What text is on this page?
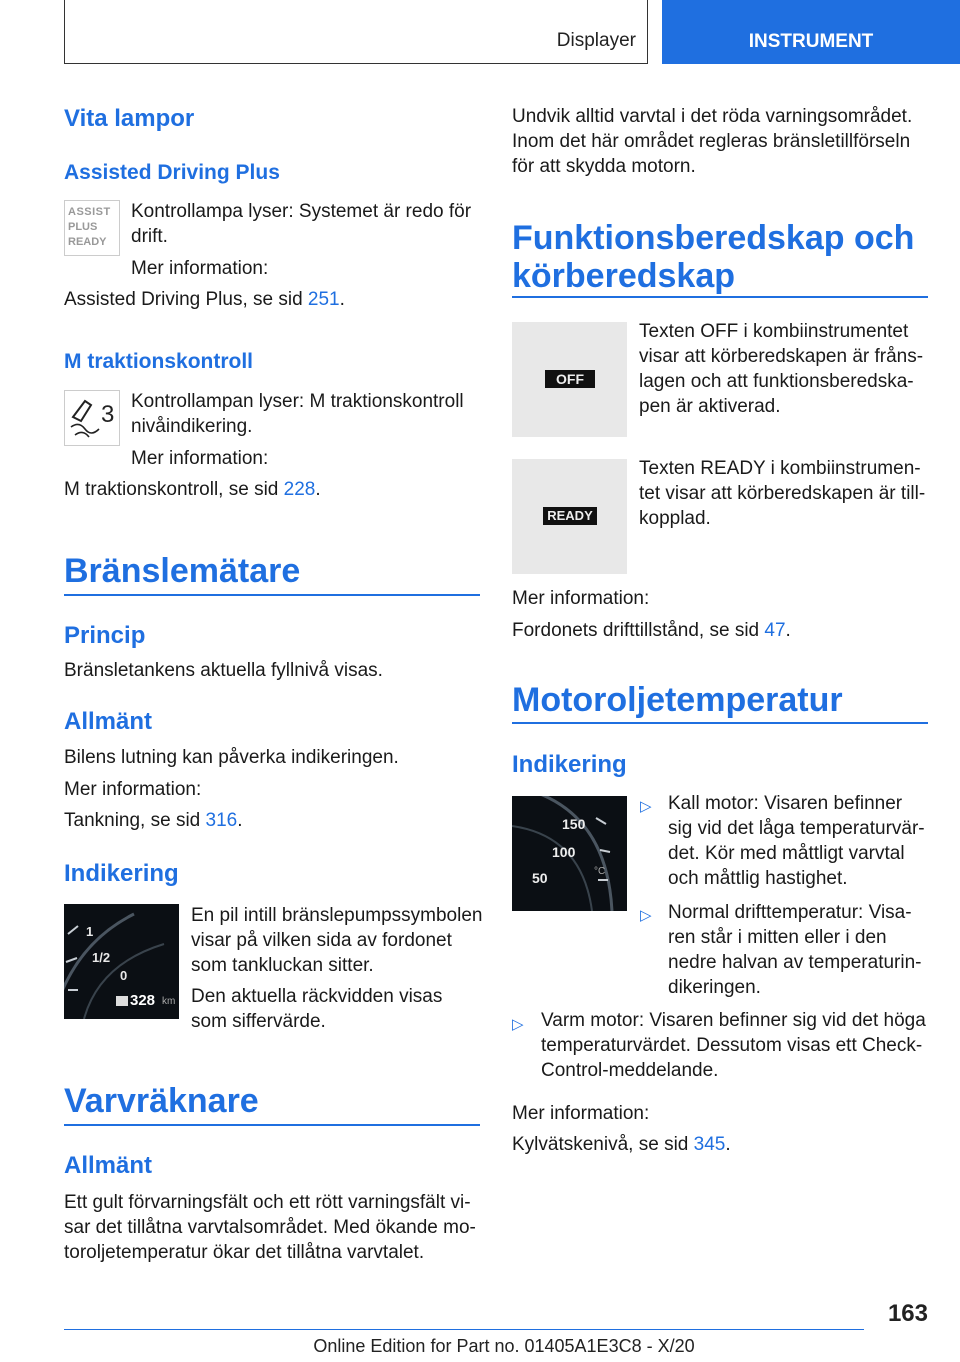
Displayer	INSTRUMENT
Vita lampor
Assisted Driving Plus
ASSIST
PLUS
READY

Kontrollampa lyser: Systemet är redo för drift.

Mer information:

Assisted Driving Plus, se sid 251.

M traktionskontroll
3 Kontrollampan lyser: M traktionskontroll nivåindikering.

Mer information:

M traktionskontroll, se sid 228.

Bränslemätare
Princip

Bränsletankens aktuella fyllnivå visas.

Allmänt

Bilens lutning kan påverka indikeringen.

Mer information:

Tankning, se sid 316.

Indikering
1
1/2
0
328 km

En pil intill bränslepumpssymbolen visar på vilken sida av fordonet som tankluckan sitter.

Den aktuella räckvidden visas som siffervärde.

Varvräknare
Allmänt

Ett gult förvarningsfält och ett rött varningsfält visar det tillåtna varvtalsområdet. Med ökande motoroljetemperatur ökar det tillåtna varvtalet.

Undvik alltid varvtal i det röda varningsområdet. Inom det här området regleras bränsletillförseln för att skydda motorn.

Funktionsberedskap och körberedskap
OFF

Texten OFF i kombiinstrumentet visar att körberedskapen är frånslagen och att funktionsberedskapen är aktiverad.

READY

Texten READY i kombiinstrumentet visar att körberedskapen är tillkopplad.

Mer information:

Fordonets drifttillstånd, se sid 47.

Motoroljetemperatur
Indikering
150
100
50	°C
▷ Kall motor: Visaren befinner sig vid det låga temperaturvärdet. Kör med måttligt varvtal och måttlig hastighet.

▷ Normal drifttemperatur: Visaren står i mitten eller i den nedre halvan av temperaturindikeringen.

▷ Varm motor: Visaren befinner sig vid det höga temperaturvärdet. Dessutom visas ett Check-Control-meddelande.

Mer information:

Kylvätskenivå, se sid 345.

163
Online Edition for Part no. 01405A1E3C8 - X/20
